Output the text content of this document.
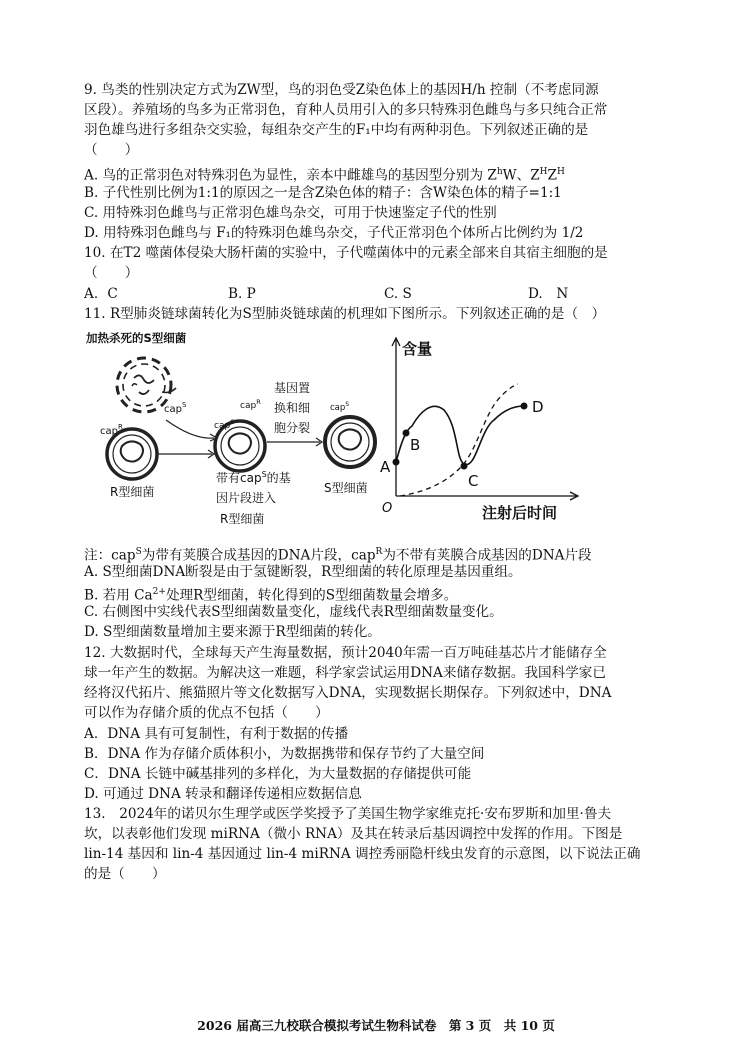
9. 鸟类的性别决定方式为ZW型，鸟的羽色受Z染色体上的基因H/h 控制（不考虑同源
区段）。养殖场的鸟多为正常羽色，育种人员用引入的多只特殊羽色雌鸟与多只纯合正常
羽色雄鸟进行多组杂交实验，每组杂交产生的F₁中均有两种羽色。下列叙述正确的是
（　　）
A. 鸟的正常羽色对特殊羽色为显性，亲本中雌雄鸟的基因型分别为 $Z^hW$、$Z^HZ^H$
B. 子代性别比例为1:1的原因之一是含Z染色体的精子：含W染色体的精子=1:1
C. 用特殊羽色雌鸟与正常羽色雄鸟杂交，可用于快速鉴定子代的性别
D. 用特殊羽色雌鸟与 F₁的特殊羽色雄鸟杂交，子代正常羽色个体所占比例约为 1/2
10. 在T2 噬菌体侵染大肠杆菌的实验中，子代噬菌体中的元素全部来自其宿主细胞的是
（　　）
A．C	B. P	C. S	D.　N
11. R型肺炎链球菌转化为S型肺炎链球菌的机理如下图所示。下列叙述正确的是（　）
加热杀死的S型细菌
cap$^S$
cap$^R$
R型细菌
cap$^S$
cap$^R$
带有cap$^S$的基
因片段进入
R型细菌
基因置
换和细
胞分裂
cap$^S$
S型细菌
含量
注射后时间
O
A
B
C
D
注：cap$^S$为带有荚膜合成基因的DNA片段，cap$^R$为不带有荚膜合成基因的DNA片段
A. S型细菌DNA断裂是由于氢键断裂，R型细菌的转化原理是基因重组。
B. 若用 $Ca^{2+}$处理R型细菌，转化得到的S型细菌数量会增多。
C. 右侧图中实线代表S型细菌数量变化，虚线代表R型细菌数量变化。
D. S型细菌数量增加主要来源于R型细菌的转化。
12. 大数据时代，全球每天产生海量数据，预计2040年需一百万吨硅基芯片才能储存全
球一年产生的数据。为解决这一难题，科学家尝试运用DNA来储存数据。我国科学家已
经将汉代拓片、熊猫照片等文化数据写入DNA，实现数据长期保存。下列叙述中，DNA
可以作为存储介质的优点不包括（　　）
A．DNA 具有可复制性，有利于数据的传播
B．DNA 作为存储介质体积小，为数据携带和保存节约了大量空间
C．DNA 长链中碱基排列的多样化，为大量数据的存储提供可能
D. 可通过 DNA 转录和翻译传递相应数据信息
13.　2024年的诺贝尔生理学或医学奖授予了美国生物学家维克托·安布罗斯和加里·鲁夫
坎，以表彰他们发现 miRNA（微小 RNA）及其在转录后基因调控中发挥的作用。下图是
lin-14 基因和 lin-4 基因通过 lin-4 miRNA 调控秀丽隐杆线虫发育的示意图，以下说法正确
的是（　　）
2026 届高三九校联合模拟考试生物科试卷　第 3 页　共 10 页
